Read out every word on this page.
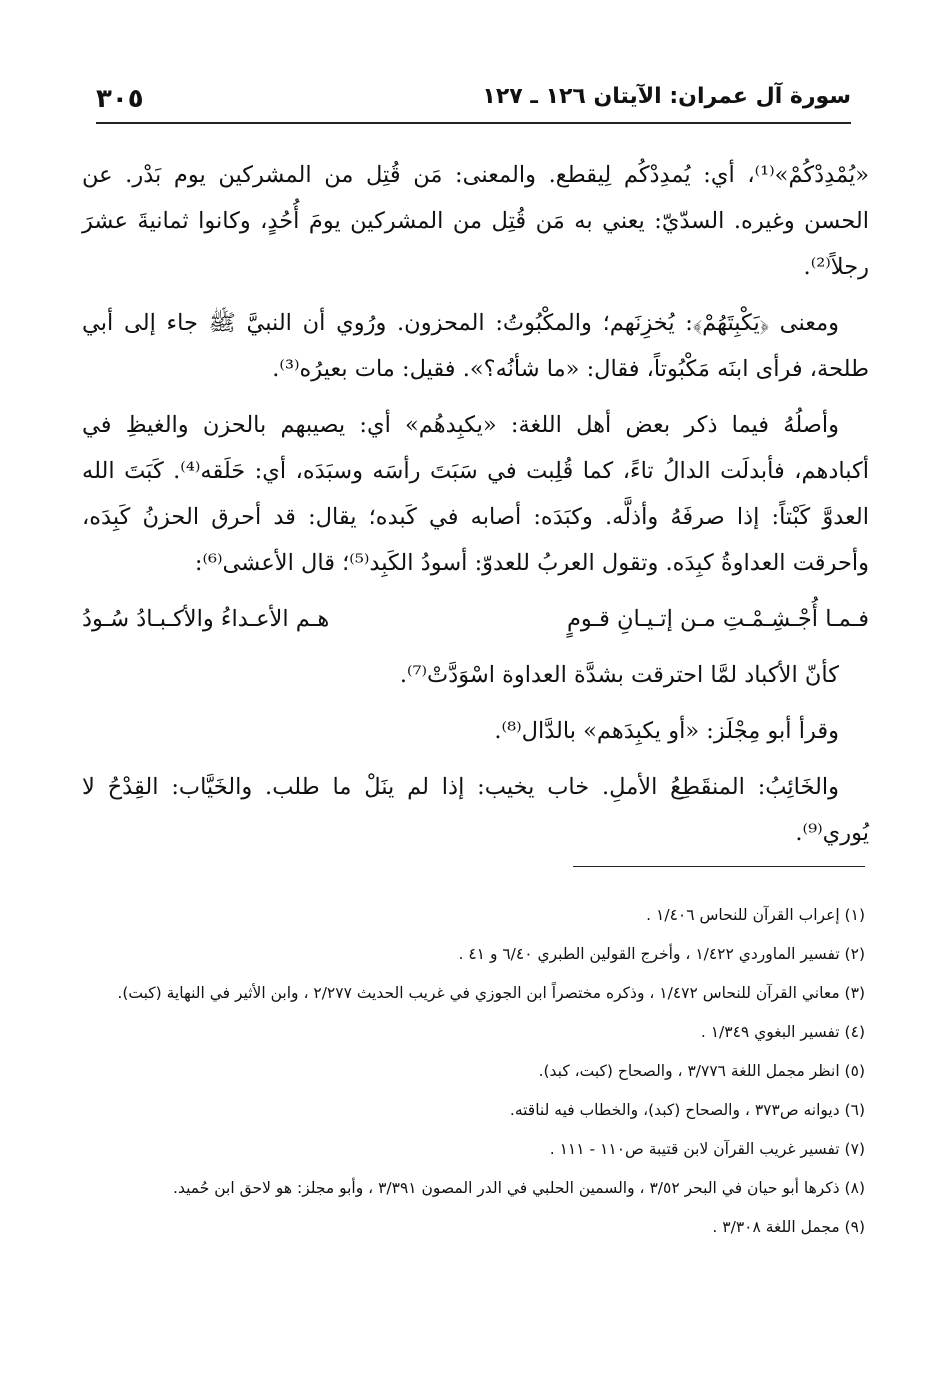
سورة آل عمران: الآيتان ١٢٦ ـ ١٢٧
٣٠٥

«يُمْدِدْكُمْ»⁽¹⁾، أي: يُمدِدْكُم لِيقطع. والمعنى: مَن قُتِل من المشركين يوم بَدْر. عن الحسن وغيره. السدّيّ: يعني به مَن قُتِل من المشركين يومَ أُحُدٍ، وكانوا ثمانيةَ عشرَ رجلاً⁽²⁾.

ومعنى ﴿يَكْبِتَهُمْ﴾: يُخزِنَهم؛ والمكْبُوتُ: المحزون. ورُوي أن النبيَّ ﷺ جاء إلى أبي طلحة، فرأى ابنَه مَكْبُوتاً، فقال: «ما شأنُه؟». فقيل: مات بعيرُه⁽³⁾.

وأصلُهُ فيما ذكر بعض أهل اللغة: «يكبِدهُم» أي: يصيبهم بالحزن والغيظِ في أكبادهم، فأبدلَت الدالُ تاءً، كما قُلِبت في سَبَتَ رأسَه وسبَدَه، أي: حَلَقه⁽⁴⁾. كَبَتَ الله العدوَّ كَبْتاً: إذا صرفَهُ وأذلَّه. وكبَدَه: أصابه في كَبده؛ يقال: قد أحرق الحزنُ كَبِدَه، وأحرقت العداوةُ كبِدَه. وتقول العربُ للعدوّ: أسودُ الكَبِد⁽⁵⁾؛ قال الأعشى⁽⁶⁾:

فـمـا أُجْـشِـمْـتِ مـن إتـيـانِ قـومٍ
هـم الأعـداءُ والأكـبـادُ سُـودُ

كأنّ الأكباد لمَّا احترقت بشدَّة العداوة اسْوَدَّتْ⁽⁷⁾.

وقرأ أبو مِجْلَز: «أو يكبِدَهم» بالدَّال⁽⁸⁾.

والخَائِبُ: المنقَطِعُ الأملِ. خاب يخيب: إذا لم ينَلْ ما طلب. والخَيَّاب: القِدْحُ لا يُوري⁽⁹⁾.

(١) إعراب القرآن للنحاس ١/٤٠٦ .
(٢) تفسير الماوردي ١/٤٢٢ ، وأخرج القولين الطبري ٦/٤٠ و ٤١ .
(٣) معاني القرآن للنحاس ١/٤٧٢ ، وذكره مختصراً ابن الجوزي في غريب الحديث ٢/٢٧٧ ، وابن الأثير في النهاية (كبت).
(٤) تفسير البغوي ١/٣٤٩ .
(٥) انظر مجمل اللغة ٣/٧٧٦ ، والصحاح (كبت، كبد).
(٦) ديوانه ص٣٧٣ ، والصحاح (كبد)، والخطاب فيه لناقته.
(٧) تفسير غريب القرآن لابن قتيبة ص١١٠ - ١١١ .
(٨) ذكرها أبو حيان في البحر ٣/٥٢ ، والسمين الحلبي في الدر المصون ٣/٣٩١ ، وأبو مجلز: هو لاحق ابن حُميد.
(٩) مجمل اللغة ٣/٣٠٨ .
